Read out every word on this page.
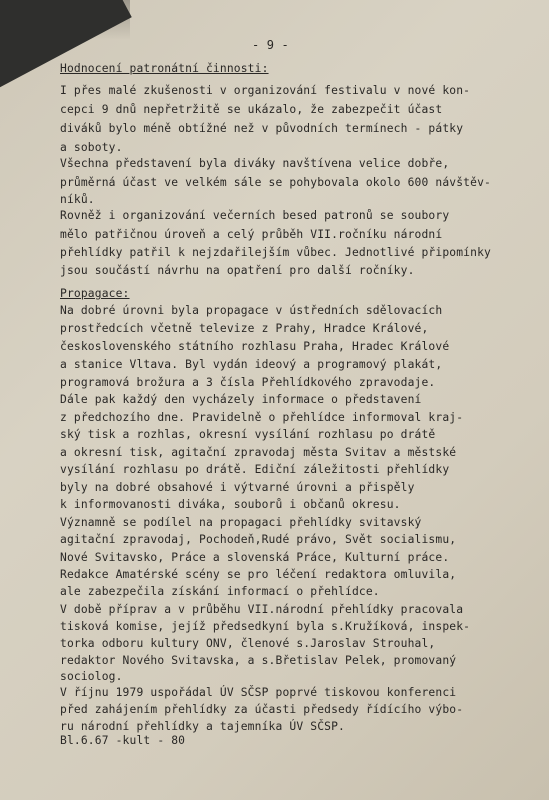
- 9 -
Hodnocení patronátní činnosti:
I přes malé zkušenosti v organizování festivalu v nové kon-
cepci 9 dnů nepřetržitě se ukázalo, že zabezpečit účast
diváků bylo méně obtížné než v původních termínech - pátky
a soboty.
Všechna představení byla diváky navštívena velice dobře,
průměrná účast ve velkém sále se pohybovala okolo 600 návštěv-
níků.
Rovněž i organizování večerních besed patronů se soubory
mělo patřičnou úroveň a celý průběh VII.ročníku národní
přehlídky patřil k nejzdařilejším vůbec. Jednotlivé připomínky
jsou součástí návrhu na opatření pro další ročníky.
Propagace:
Na dobré úrovni byla propagace v ústředních sdělovacích
prostředcích včetně televize z Prahy, Hradce Králové,
československého státního rozhlasu Praha, Hradec Králové
a stanice Vltava. Byl vydán ideový a programový plakát,
programová brožura a 3 čísla Přehlídkového zpravodaje.
Dále pak každý den vycházely informace o představení
z předchozího dne. Pravidelně o přehlídce informoval kraj-
ský tisk a rozhlas, okresní vysílání rozhlasu po drátě
a okresní tisk, agitační zpravodaj města Svitav a městské
vysílání rozhlasu po drátě. Ediční záležitosti přehlídky
byly na dobré obsahové i výtvarné úrovni a přispěly
k informovanosti diváka, souborů i občanů okresu.
Významně se podílel na propagaci přehlídky svitavský
agitační zpravodaj, Pochodeň,Rudé právo, Svět socialismu,
Nové Svitavsko, Práce a slovenská Práce, Kulturní práce.
Redakce Amatérské scény se pro léčení redaktora omluvila,
ale zabezpečila získání informací o přehlídce.
V době příprav a v průběhu VII.národní přehlídky pracovala
tisková komise, jejíž předsedkyní byla s.Kružíková, inspek-
torka odboru kultury ONV, členové s.Jaroslav Strouhal,
redaktor Nového Svitavska, a s.Břetislav Pelek, promovaný
sociolog.
V říjnu 1979 uspořádal ÚV SČSP poprvé tiskovou konferenci
před zahájením přehlídky za účasti předsedy řídícího výbo-
ru národní přehlídky a tajemníka ÚV SČSP.
Bl.6.67 -kult - 80
